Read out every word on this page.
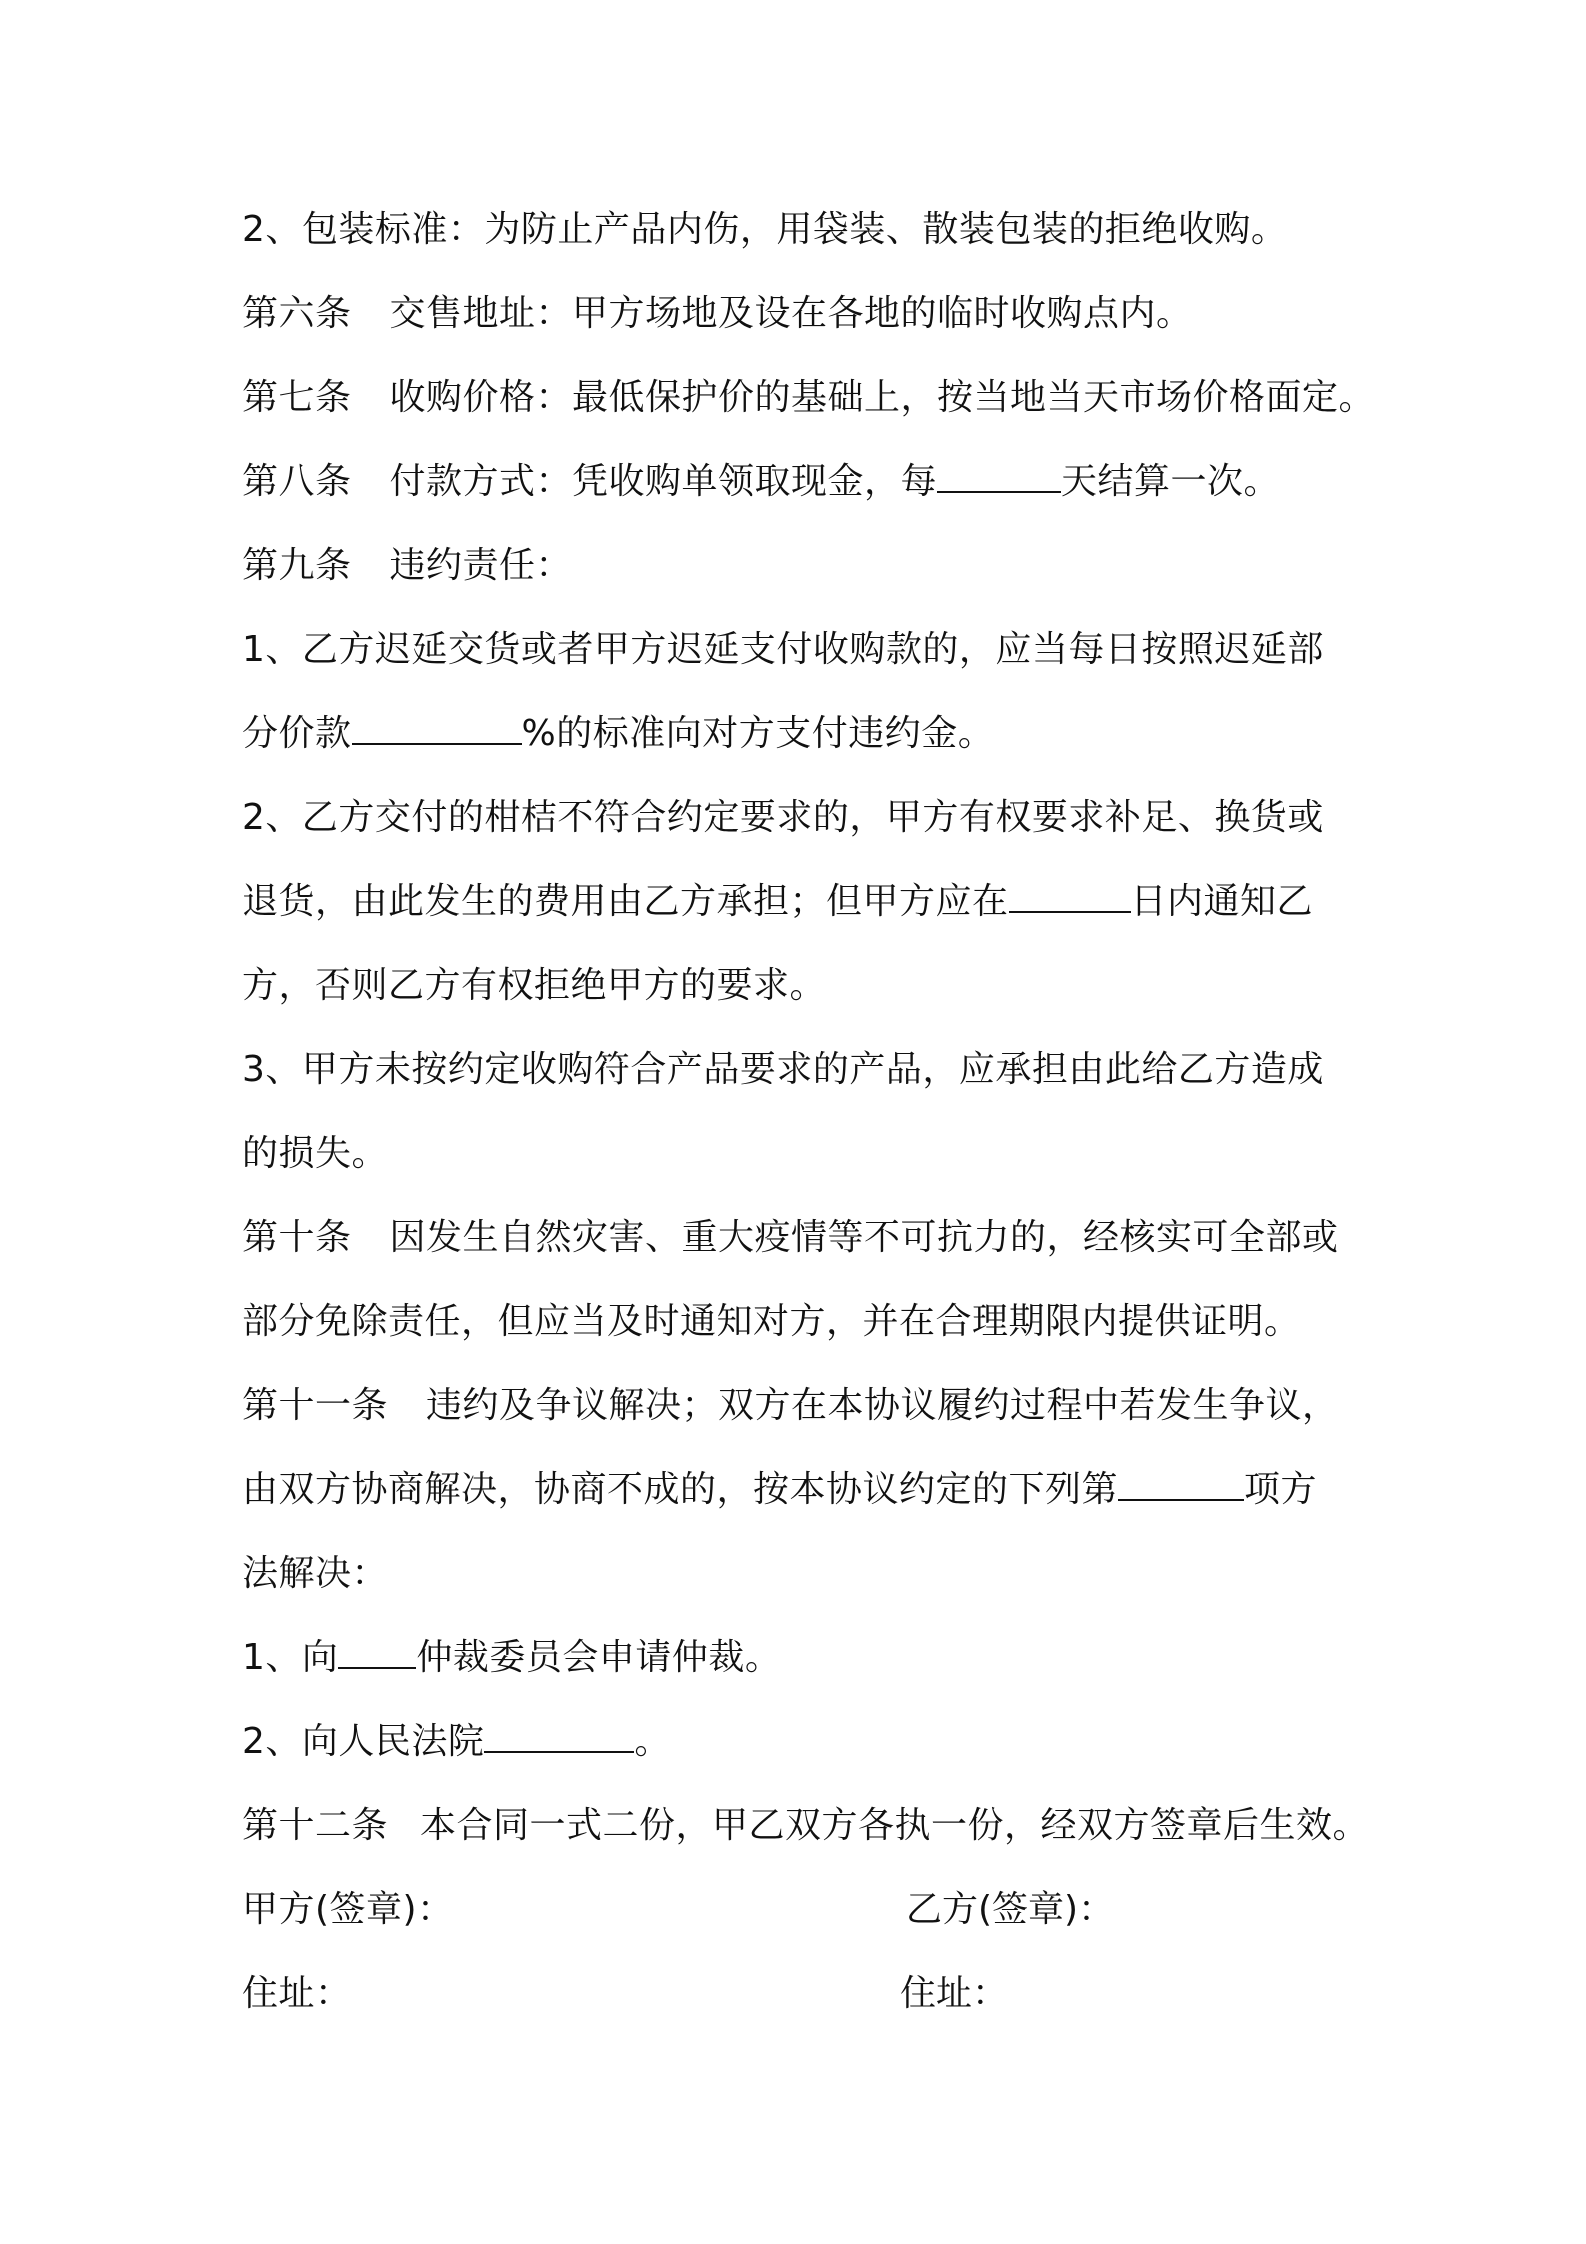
2、包装标准：为防止产品内伤，用袋装、散装包装的拒绝收购。
第六条 交售地址：甲方场地及设在各地的临时收购点内。
第七条 收购价格：最低保护价的基础上，按当地当天市场价格面定。
第八条 付款方式：凭收购单领取现金，每	天结算一次。
第九条 违约责任：
1、乙方迟延交货或者甲方迟延支付收购款的，应当每日按照迟延部
分价款	%的标准向对方支付违约金。
2、乙方交付的柑桔不符合约定要求的，甲方有权要求补足、换货或
退货，由此发生的费用由乙方承担；但甲方应在	日内通知乙
方，否则乙方有权拒绝甲方的要求。
3、甲方未按约定收购符合产品要求的产品，应承担由此给乙方造成
的损失。
第十条 因发生自然灾害、重大疫情等不可抗力的，经核实可全部或
部分免除责任，但应当及时通知对方，并在合理期限内提供证明。
第十一条 违约及争议解决；双方在本协议履约过程中若发生争议，
由双方协商解决，协商不成的，按本协议约定的下列第	项方
法解决：
1、向 仲裁委员会申请仲裁。
2、向人民法院	。
第十二条 本合同一式二份，甲乙双方各执一份，经双方签章后生效。
甲方(签章)：	乙方(签章)：
住址：	住址：
